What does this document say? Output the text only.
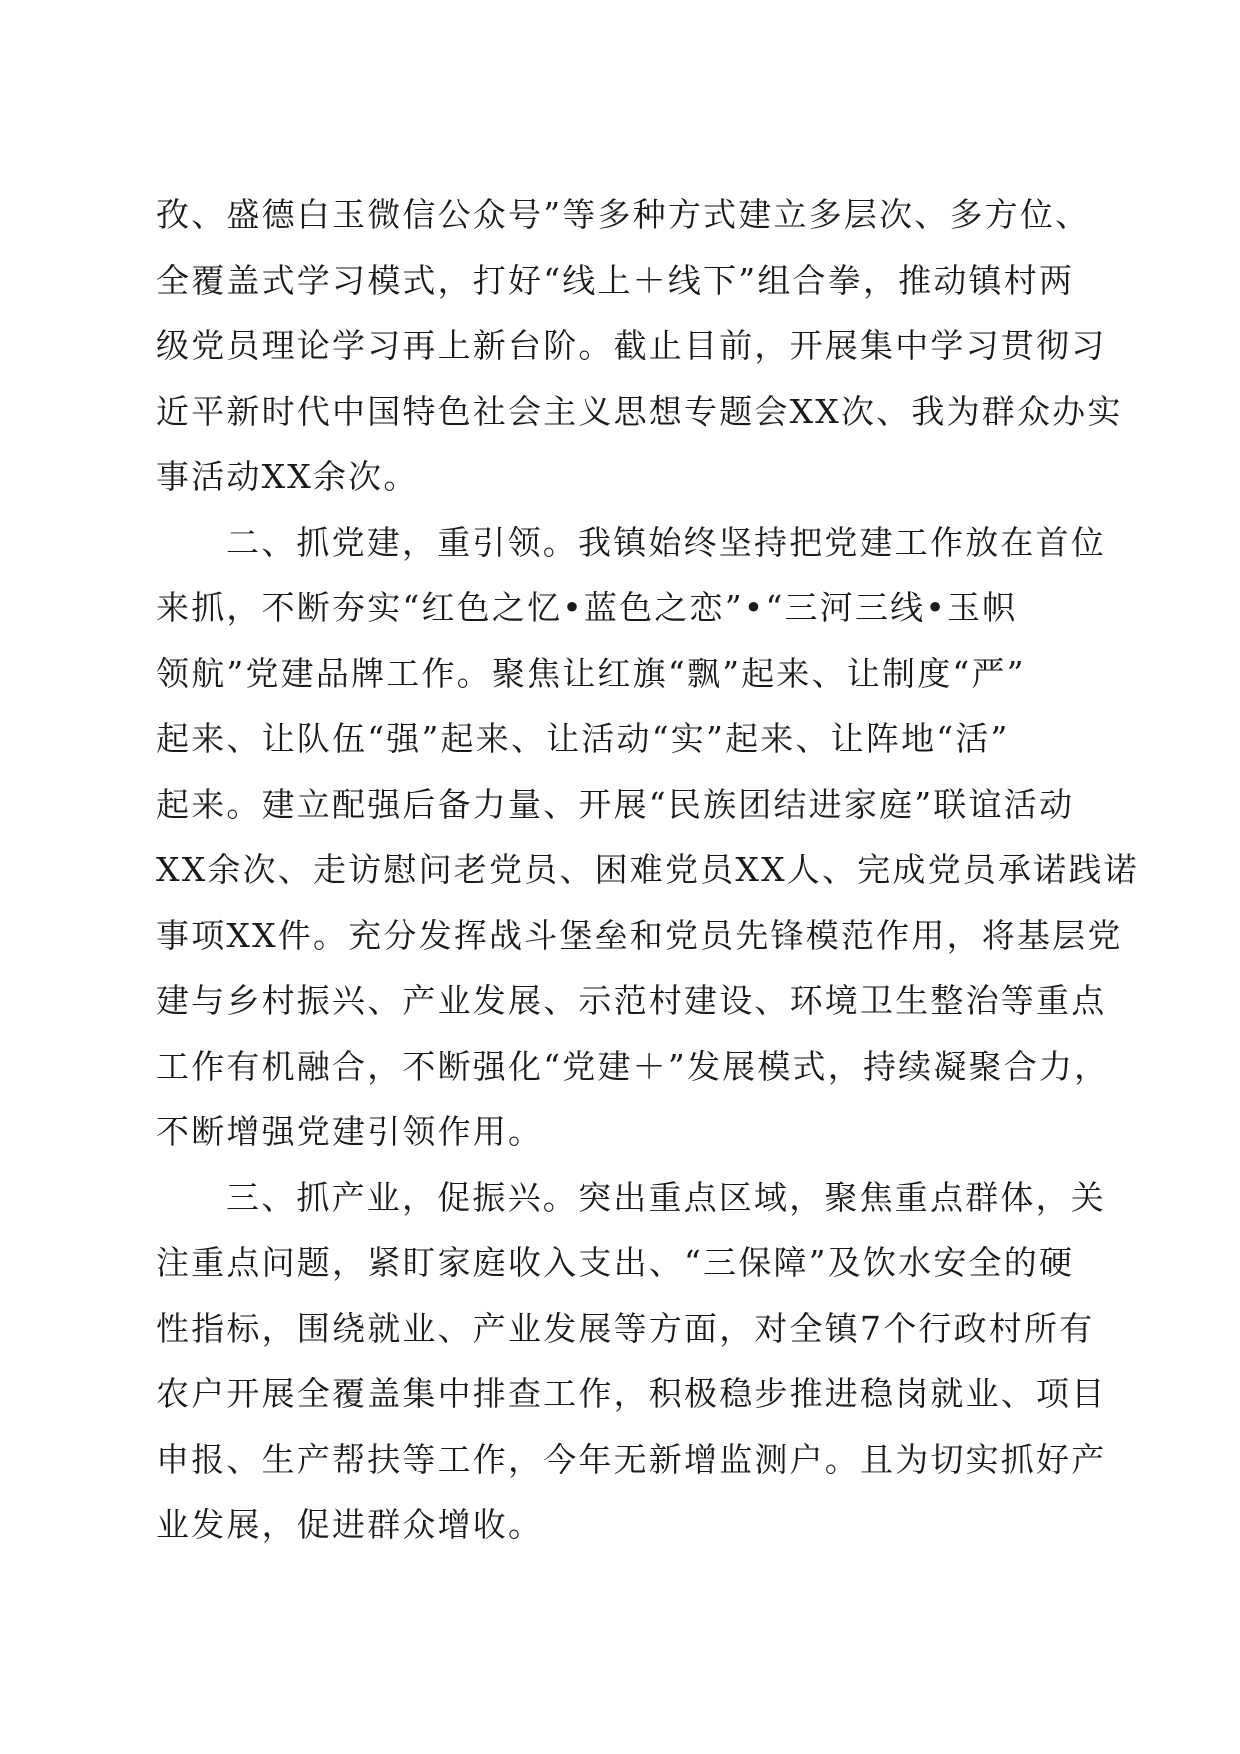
孜、盛德白玉微信公众号”等多种方式建立多层次、多方位、
全覆盖式学习模式，打好“线上＋线下”组合拳，推动镇村两
级党员理论学习再上新台阶。截止目前，开展集中学习贯彻习
近平新时代中国特色社会主义思想专题会XX次、我为群众办实
事活动XX余次。
二、抓党建，重引领。我镇始终坚持把党建工作放在首位
来抓，不断夯实“红色之忆•蓝色之恋”•“三河三线•玉帜
领航”党建品牌工作。聚焦让红旗“飘”起来、让制度“严”
起来、让队伍“强”起来、让活动“实”起来、让阵地“活”
起来。建立配强后备力量、开展“民族团结进家庭”联谊活动
XX余次、走访慰问老党员、困难党员XX人、完成党员承诺践诺
事项XX件。充分发挥战斗堡垒和党员先锋模范作用，将基层党
建与乡村振兴、产业发展、示范村建设、环境卫生整治等重点
工作有机融合，不断强化“党建＋”发展模式，持续凝聚合力，
不断增强党建引领作用。
三、抓产业，促振兴。突出重点区域，聚焦重点群体，关
注重点问题，紧盯家庭收入支出、“三保障”及饮水安全的硬
性指标，围绕就业、产业发展等方面，对全镇7个行政村所有
农户开展全覆盖集中排查工作，积极稳步推进稳岗就业、项目
申报、生产帮扶等工作，今年无新增监测户。且为切实抓好产
业发展，促进群众增收。
